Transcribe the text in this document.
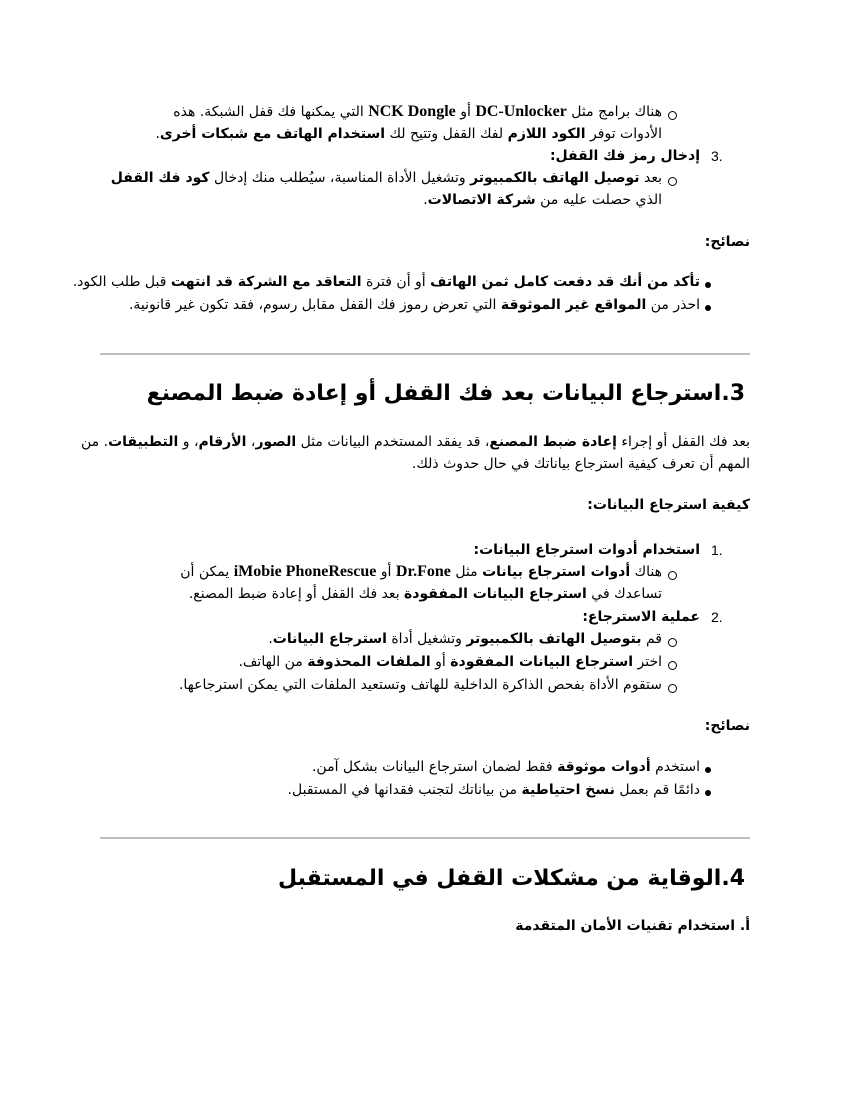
هناك برامج مثل DC-Unlocker أو NCK Dongle التي يمكنها فك قفل الشبكة. هذه
الأدوات توفر الكود اللازم لفك القفل وتتيح لك استخدام الهاتف مع شبكات أخرى.
3.
إدخال رمز فك القفل:
بعد توصيل الهاتف بالكمبيوتر وتشغيل الأداة المناسبة، سيُطلب منك إدخال كود فك القفل
الذي حصلت عليه من شركة الاتصالات.
نصائح:
تأكد من أنك قد دفعت كامل ثمن الهاتف أو أن فترة التعاقد مع الشركة قد انتهت قبل طلب الكود.
احذر من المواقع غير الموثوقة التي تعرض رموز فك القفل مقابل رسوم، فقد تكون غير قانونية.
3.استرجاع البيانات بعد فك القفل أو إعادة ضبط المصنع
بعد فك القفل أو إجراء إعادة ضبط المصنع، قد يفقد المستخدم البيانات مثل الصور، الأرقام، و التطبيقات. من
المهم أن تعرف كيفية استرجاع بياناتك في حال حدوث ذلك.
كيفية استرجاع البيانات:
1.
استخدام أدوات استرجاع البيانات:
هناك أدوات استرجاع بيانات مثل Dr.Fone أو iMobie PhoneRescue يمكن أن
تساعدك في استرجاع البيانات المفقودة بعد فك القفل أو إعادة ضبط المصنع.
2.
عملية الاسترجاع:
قم بتوصيل الهاتف بالكمبيوتر وتشغيل أداة استرجاع البيانات.
اختر استرجاع البيانات المفقودة أو الملفات المحذوفة من الهاتف.
ستقوم الأداة بفحص الذاكرة الداخلية للهاتف وتستعيد الملفات التي يمكن استرجاعها.
نصائح:
استخدم أدوات موثوقة فقط لضمان استرجاع البيانات بشكل آمن.
دائمًا قم بعمل نسخ احتياطية من بياناتك لتجنب فقدانها في المستقبل.
4.الوقاية من مشكلات القفل في المستقبل
أ. استخدام تقنيات الأمان المتقدمة
